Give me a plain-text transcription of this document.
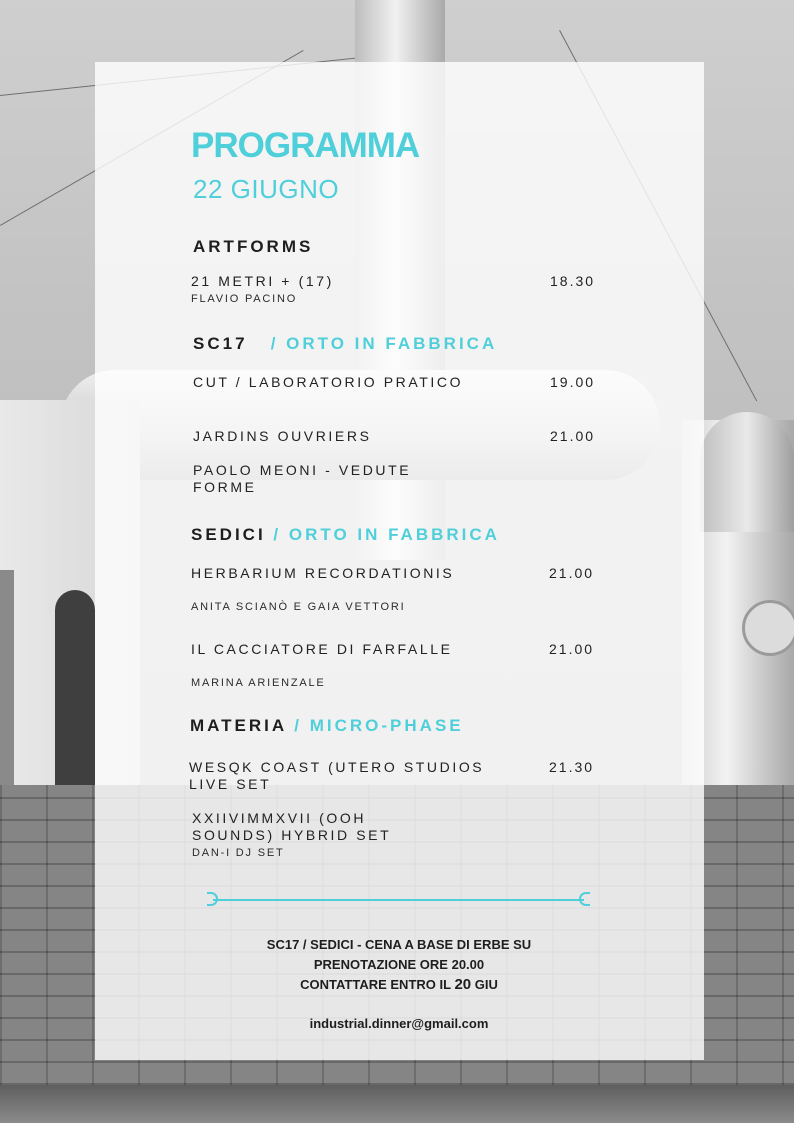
PROGRAMMA
22 GIUGNO
ARTFORMS

21 METRI + (17)

FLAVIO PACINO

18.30

SC17 / ORTO IN FABBRICA

CUT / LABORATORIO PRATICO	19.00

JARDINS OUVRIERS	21.00

PAOLO MEONI - VEDUTE FORME

SEDICI / ORTO IN FABBRICA

HERBARIUM RECORDATIONIS

ANITA SCIANÒ E GAIA VETTORI

21.00

IL CACCIATORE DI FARFALLE

MARINA ARIENZALE

21.00

MATERIA / MICRO-PHASE

WESQK COAST (UTERO STUDIOS LIVE SET

21.30

XXIIVIMMXVII (OOH SOUNDS) HYBRID SET

DAN-I DJ SET

SC17 / SEDICI - CENA A BASE DI ERBE SU
PRENOTAZIONE ORE 20.00
CONTATTARE ENTRO IL 20 GIU

industrial.dinner@gmail.com
